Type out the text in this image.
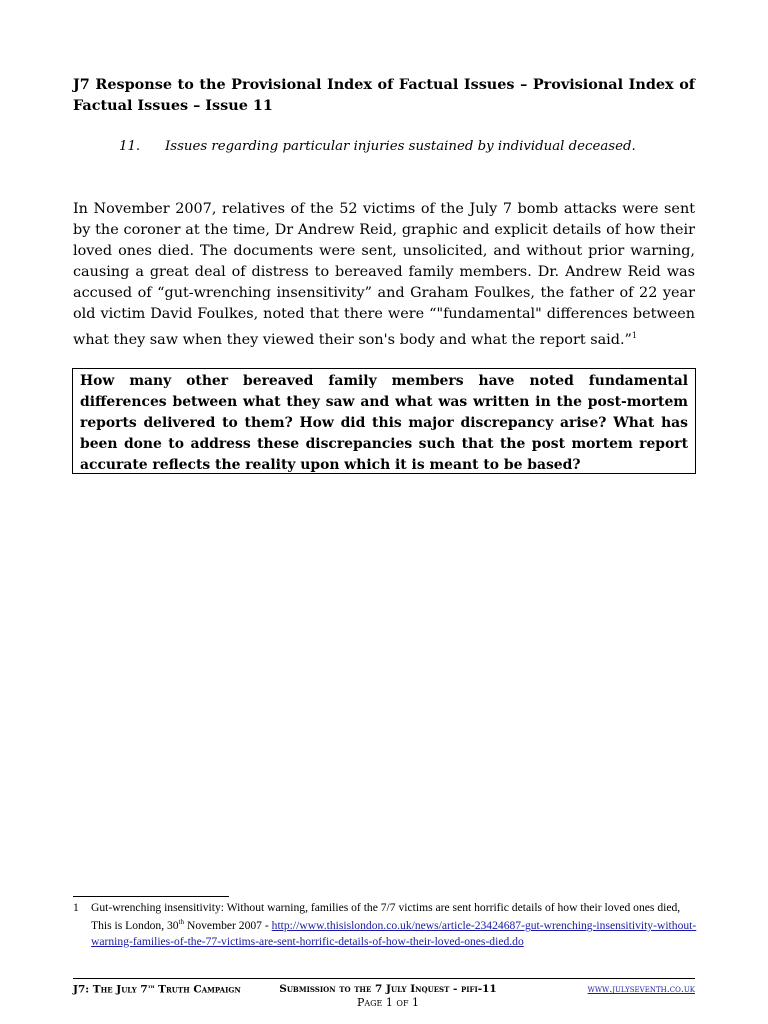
J7 Response to the Provisional Index of Factual Issues – Provisional Index of Factual Issues – Issue 11
11. Issues regarding particular injuries sustained by individual deceased.
In November 2007, relatives of the 52 victims of the July 7 bomb attacks were sent by the coroner at the time, Dr Andrew Reid, graphic and explicit details of how their loved ones died. The documents were sent, unsolicited, and without prior warning, causing a great deal of distress to bereaved family members. Dr. Andrew Reid was accused of “gut-wrenching insensitivity” and Graham Foulkes, the father of 22 year old victim David Foulkes, noted that there were “"fundamental" differences between what they saw when they viewed their son's body and what the report said.”$^1$
How many other bereaved family members have noted fundamental differences between what they saw and what was written in the post-mortem reports delivered to them? How did this major discrepancy arise? What has been done to address these discrepancies such that the post mortem report accurate reflects the reality upon which it is meant to be based?
1 Gut-wrenching insensitivity: Without warning, families of the 7/7 victims are sent horrific details of how their loved ones died, This is London, 30th November 2007 - http://www.thisislondon.co.uk/news/article-23424687-gut-wrenching-insensitivity-without-warning-families-of-the-77-victims-are-sent-horrific-details-of-how-their-loved-ones-died.do
J7: The July 7th Truth Campaign	Submission to the 7 July Inquest - pifi-11	www.julyseventh.co.uk
Page 1 of 1
